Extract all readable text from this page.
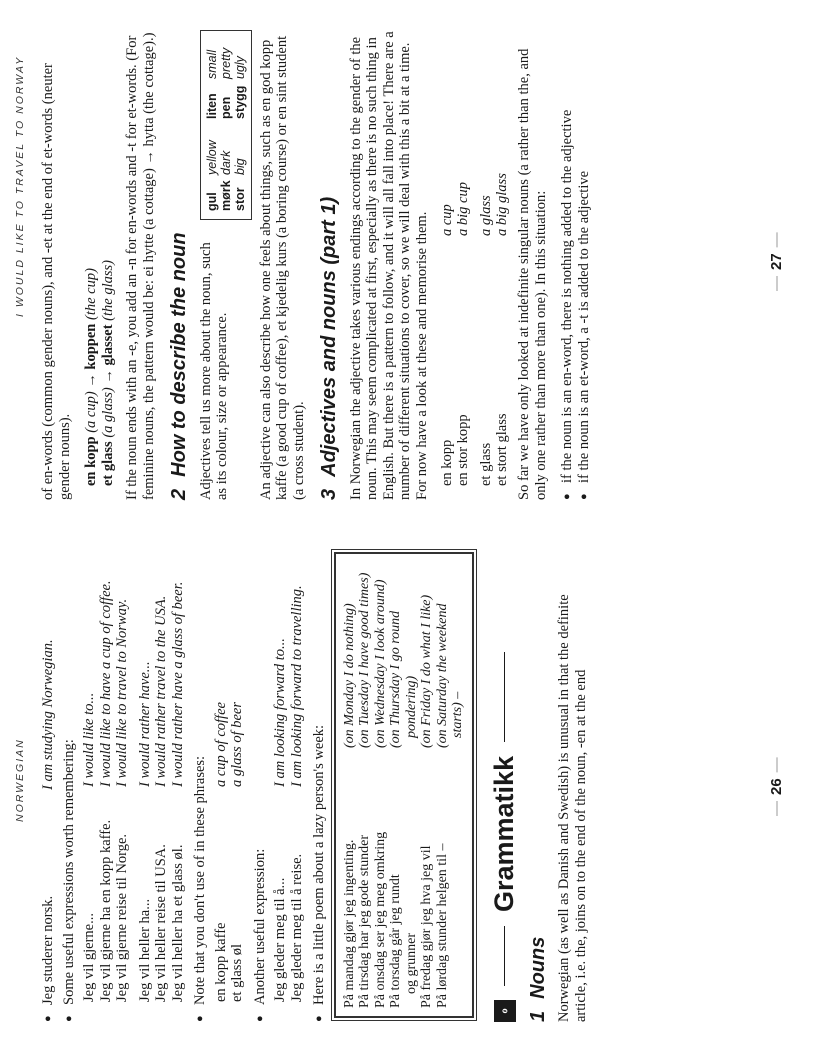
NORWEGIAN
● Jeg studerer norsk.
I am studying Norwegian.
● Some useful expressions worth remembering: Jeg vil gjerne...
I would like to...
Jeg vil gjerne ha en kopp kaffe.
I would like to have a cup of coffee.
Jeg vil gjerne reise til Norge.
I would like to travel to Norway.
Jeg vil heller ha...
I would rather have...
Jeg vil heller reise til USA.
I would rather travel to the USA.
Jeg vil heller ha et glass øl.
I would rather have a glass of beer.
● Note that you don't use of in these phrases: en kopp kaffe
a cup of coffee
et glass øl
a glass of beer
● Another useful expression: Jeg gleder meg til å...
I am looking forward to...
Jeg gleder meg til å reise.
I am looking forward to travelling.
● Here is a little poem about a lazy person's week: På mandag gjør jeg ingenting.
(on Monday I do nothing)
På tirsdag har jeg gode stunder
(on Tuesday I have good times)
På onsdag ser jeg meg omkring
(on Wednesday I look around)
På torsdag går jeg rundt
(on Thursday I go round
og grunner
pondering)
På fredag gjør jeg hva jeg vil
(on Friday I do what I like)
På lørdag stunder helgen til –
(on Saturday the weekend starts) –
ℴ
Grammatikk
1Nouns Norwegian (as well as Danish and Swedish) is unusual in that the definite article, i.e. the, joins on to the end of the noun, -en at the end	—26—
I WOULD LIKE TO TRAVEL TO NORWAY of en-words (common gender nouns), and -et at the end of et-words (neuter gender nouns). en kopp (a cup) → koppen (the cup)
et glass (a glass) → glasset (the glass) If the noun ends with an -e, you add an -n for en-words and -t for et-words. (For feminine nouns, the pattern would be: ei hytte (a cottage) → hytta (the cottage).) 2How to describe the noun
gul
yellow
liten
small
mørk
dark
pen
pretty
stor
big
stygg
ugly

Adjectives tell us more about the noun, such as its colour, size or appearance. An adjective can also describe how one feels about things, such as en god kopp kaffe (a good cup of coffee), et kjedelig kurs (a boring course) or en sint student (a cross student). 3Adjectives and nouns (part 1) In Norwegian the adjective takes various endings according to the gender of the noun. This may seem complicated at first, especially as there is no such thing in English. But there is a pattern to follow, and it will all fall into place! There are a number of different situations to cover, so we will deal with this a bit at a time. For now have a look at these and memorise them. en kopp
a cup
en stor kopp
a big cup
et glass
a glass
et stort glass
a big glass So far we have only looked at indefinite singular nouns (a rather than the, and only one rather than more than one). In this situation: ● if the noun is an en-word, there is nothing added to the adjective ● if the noun is an et-word, a -t is added to the adjective	—27—
